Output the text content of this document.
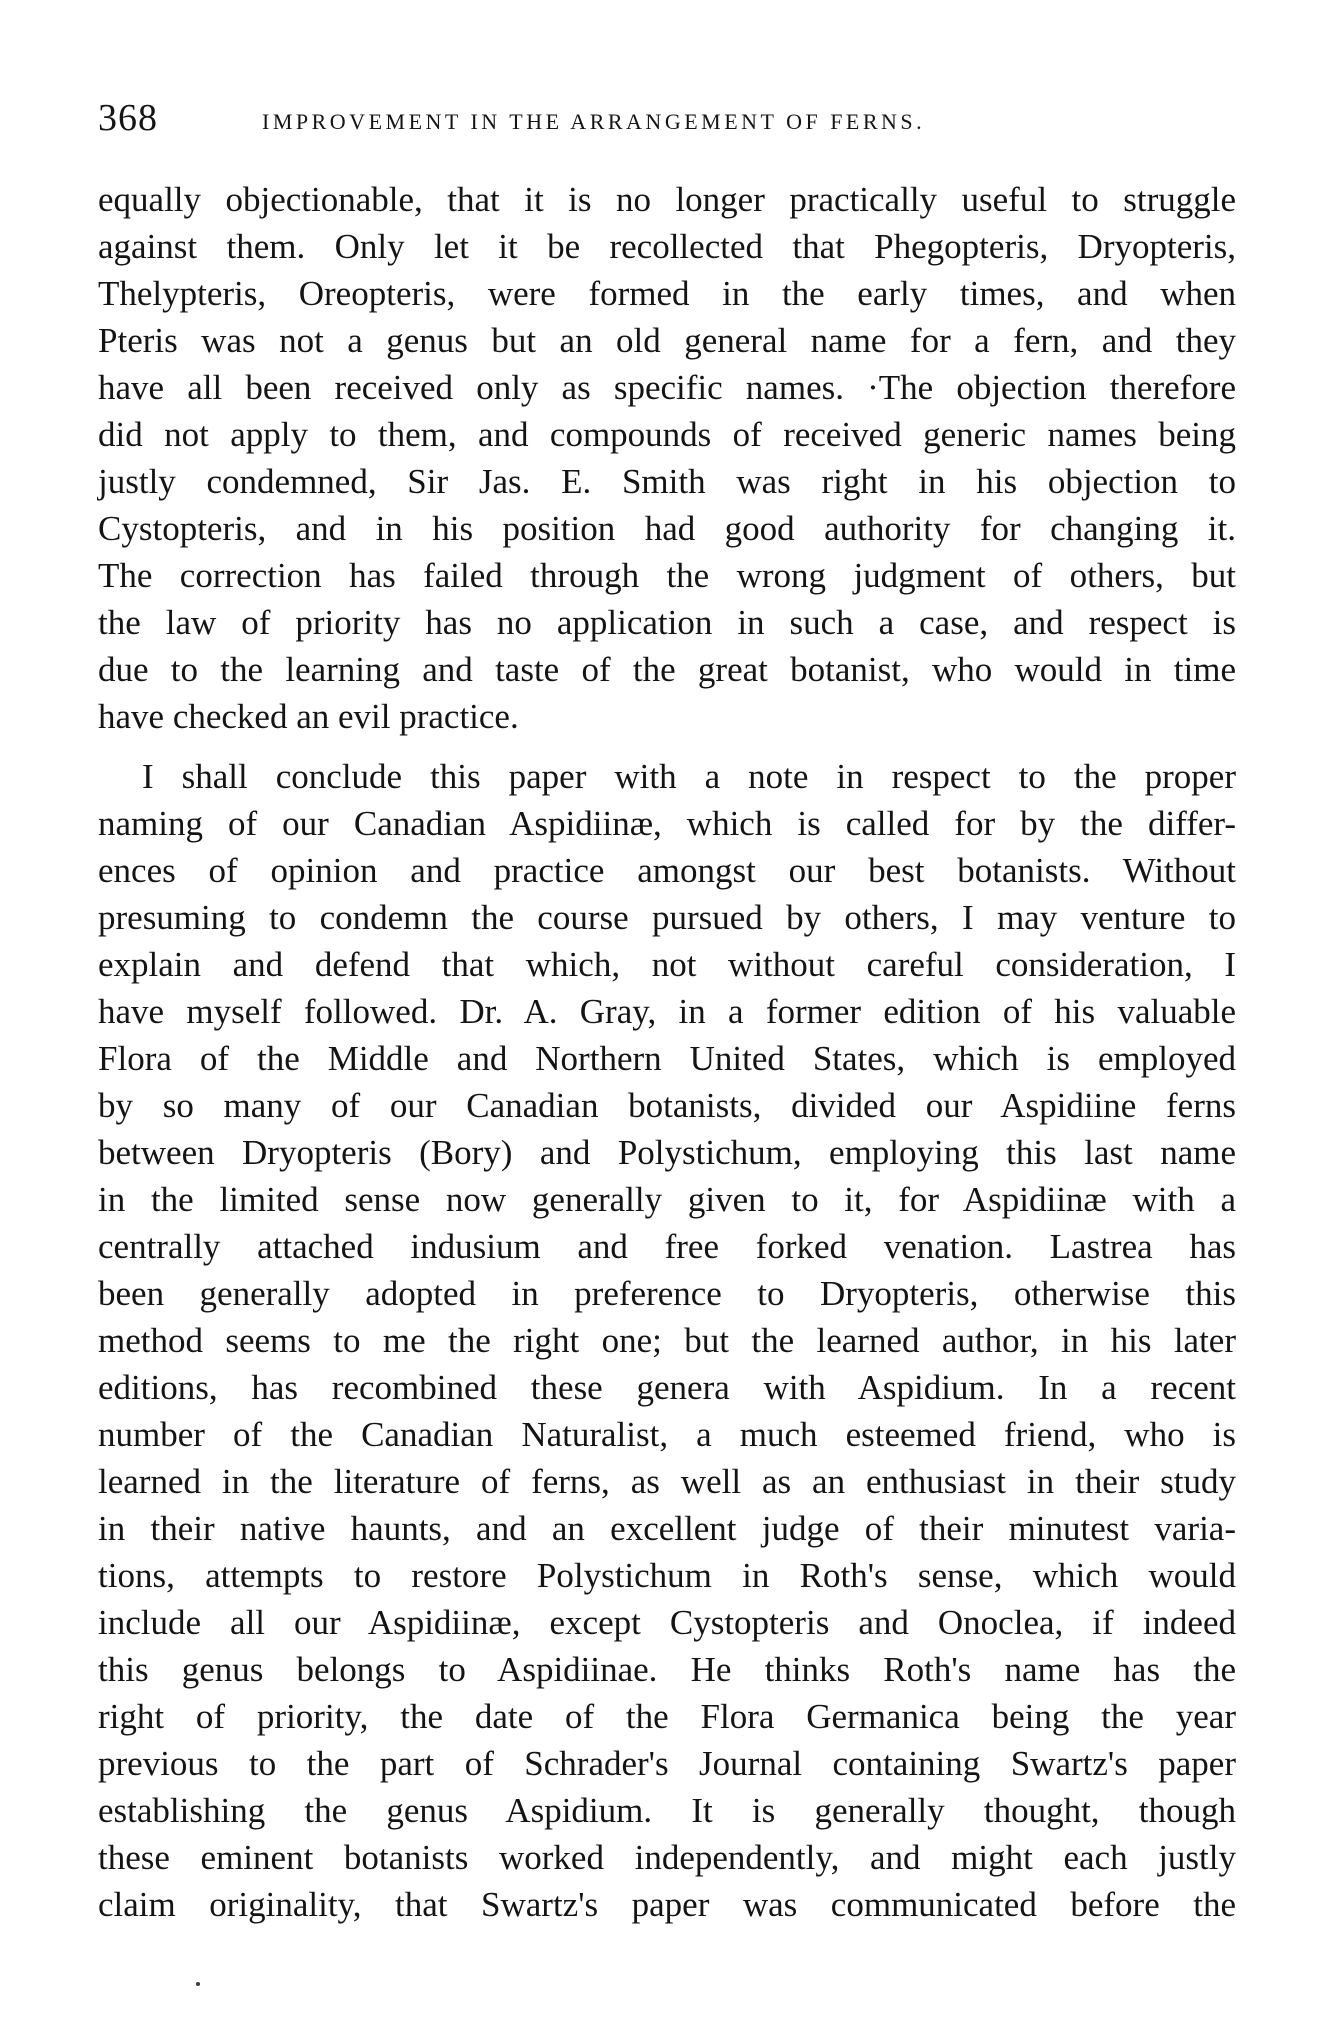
368	IMPROVEMENT IN THE ARRANGEMENT OF FERNS.
equally objectionable, that it is no longer practically useful to struggle
against them. Only let it be recollected that Phegopteris, Dryopteris,
Thelypteris, Oreopteris, were formed in the early times, and when
Pteris was not a genus but an old general name for a fern, and they
have all been received only as specific names. ·The objection therefore
did not apply to them, and compounds of received generic names being
justly condemned, Sir Jas. E. Smith was right in his objection to
Cystopteris, and in his position had good authority for changing it.
The correction has failed through the wrong judgment of others, but
the law of priority has no application in such a case, and respect is
due to the learning and taste of the great botanist, who would in time
have checked an evil practice.
I shall conclude this paper with a note in respect to the proper
naming of our Canadian Aspidiinæ, which is called for by the differ-
ences of opinion and practice amongst our best botanists. Without
presuming to condemn the course pursued by others, I may venture to
explain and defend that which, not without careful consideration, I
have myself followed. Dr. A. Gray, in a former edition of his valuable
Flora of the Middle and Northern United States, which is employed
by so many of our Canadian botanists, divided our Aspidiine ferns
between Dryopteris (Bory) and Polystichum, employing this last name
in the limited sense now generally given to it, for Aspidiinæ with a
centrally attached indusium and free forked venation. Lastrea has
been generally adopted in preference to Dryopteris, otherwise this
method seems to me the right one; but the learned author, in his later
editions, has recombined these genera with Aspidium. In a recent
number of the Canadian Naturalist, a much esteemed friend, who is
learned in the literature of ferns, as well as an enthusiast in their study
in their native haunts, and an excellent judge of their minutest varia-
tions, attempts to restore Polystichum in Roth's sense, which would
include all our Aspidiinæ, except Cystopteris and Onoclea, if indeed
this genus belongs to Aspidiinae. He thinks Roth's name has the
right of priority, the date of the Flora Germanica being the year
previous to the part of Schrader's Journal containing Swartz's paper
establishing the genus Aspidium. It is generally thought, though
these eminent botanists worked independently, and might each justly
claim originality, that Swartz's paper was communicated before the
